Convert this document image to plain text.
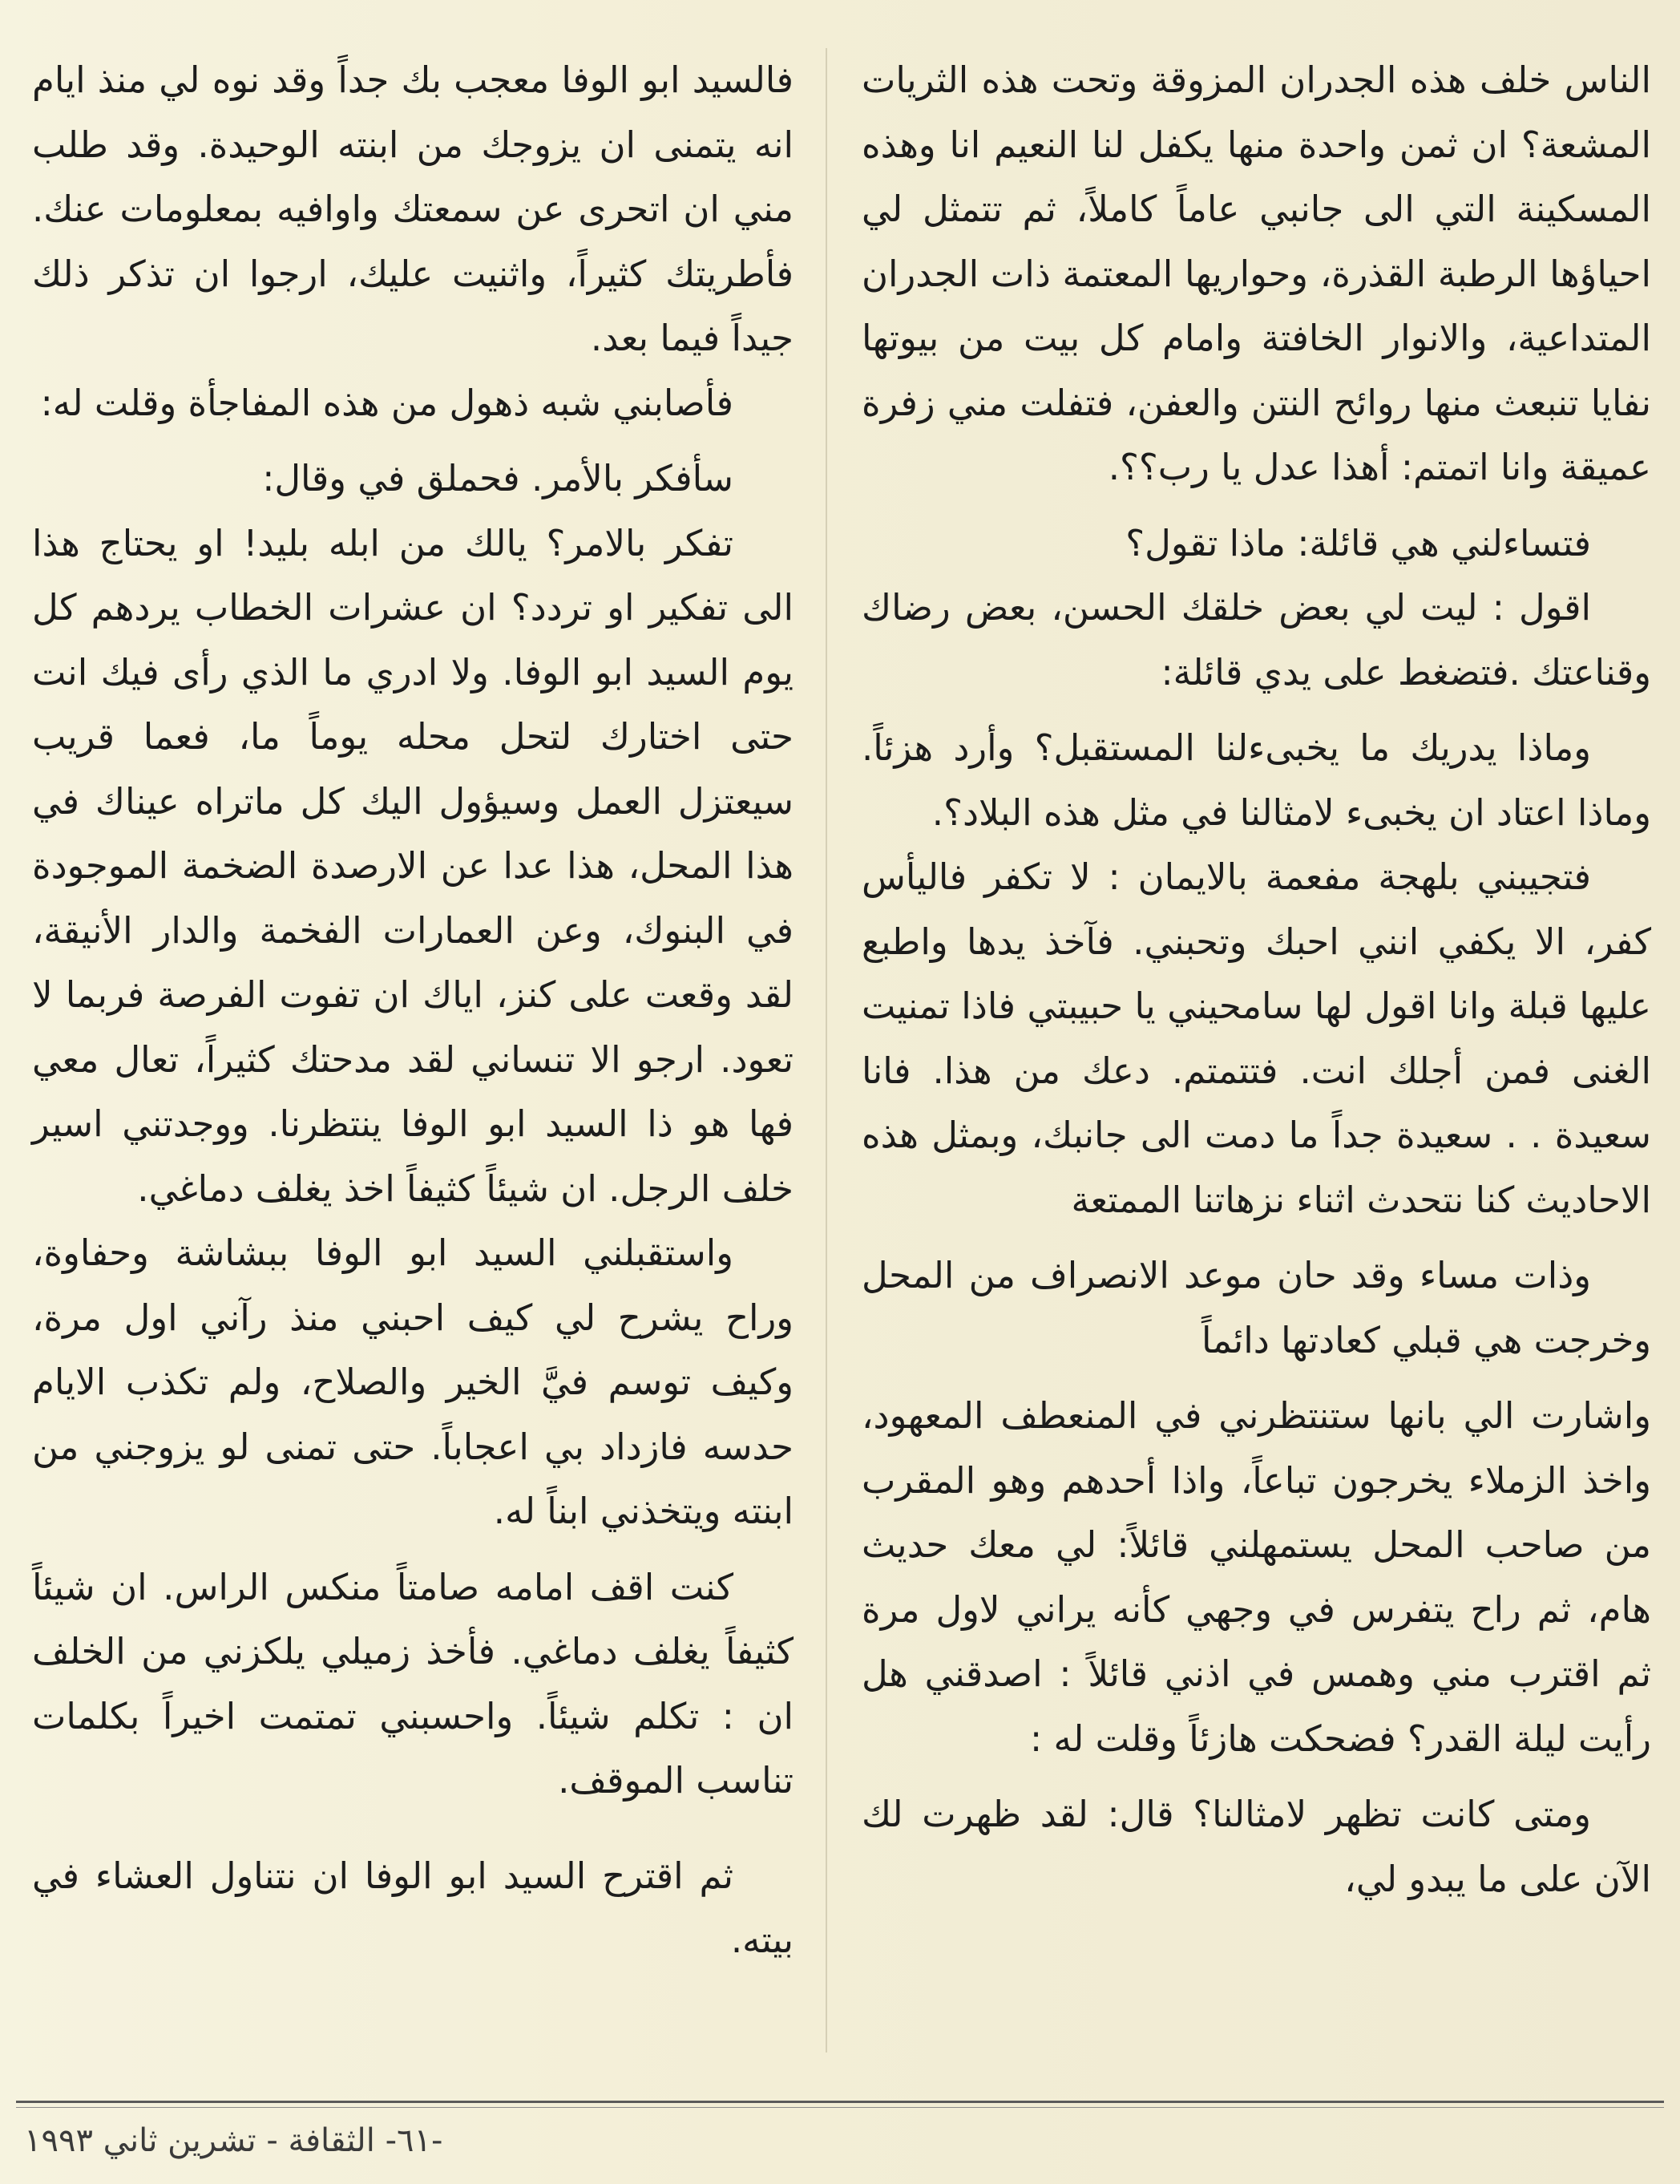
الناس خلف هذه الجدران المزوقة وتحت هذه الثريات المشعة؟ ان ثمن واحدة منها يكفل لنا النعيم انا وهذه المسكينة التي الى جانبي عاماً كاملاً، ثم تتمثل لي احياؤها الرطبة القذرة، وحواريها المعتمة ذات الجدران المتداعية، والانوار الخافتة وامام كل بيت من بيوتها نفايا تنبعث منها روائح النتن والعفن، فتفلت مني زفرة عميقة وانا اتمتم: أهذا عدل يا رب؟؟.

فتساءلني هي قائلة: ماذا تقول؟

اقول : ليت لي بعض خلقك الحسن، بعض رضاك وقناعتك .فتضغط على يدي قائلة:

وماذا يدريك ما يخبىءلنا المستقبل؟ وأرد هزئاً. وماذا اعتاد ان يخبىء لامثالنا في مثل هذه البلاد؟.

فتجيبني بلهجة مفعمة بالايمان : لا تكفر فاليأس كفر، الا يكفي انني احبك وتحبني. فآخذ يدها واطبع عليها قبلة وانا اقول لها سامحيني يا حبيبتي فاذا تمنيت الغنى فمن أجلك انت. فتتمتم. دعك من هذا. فانا سعيدة . . سعيدة جداً ما دمت الى جانبك، وبمثل هذه الاحاديث كنا نتحدث اثناء نزهاتنا الممتعة

وذات مساء وقد حان موعد الانصراف من المحل وخرجت هي قبلي كعادتها دائماً

واشارت الي بانها ستنتظرني في المنعطف المعهود، واخذ الزملاء يخرجون تباعاً، واذا أحدهم وهو المقرب من صاحب المحل يستمهلني قائلاً: لي معك حديث هام، ثم راح يتفرس في وجهي كأنه يراني لاول مرة ثم اقترب مني وهمس في اذني قائلاً : اصدقني هل رأيت ليلة القدر؟ فضحكت هازئاً وقلت له :

ومتى كانت تظهر لامثالنا؟ قال: لقد ظهرت لك الآن على ما يبدو لي،

فالسيد ابو الوفا معجب بك جداً وقد نوه لي منذ ايام انه يتمنى ان يزوجك من ابنته الوحيدة. وقد طلب مني ان اتحرى عن سمعتك واوافيه بمعلومات عنك. فأطريتك كثيراً، واثنيت عليك، ارجوا ان تذكر ذلك جيداً فيما بعد.

فأصابني شبه ذهول من هذه المفاجأة وقلت له:

سأفكر بالأمر. فحملق في وقال:

تفكر بالامر؟ يالك من ابله بليد! او يحتاج هذا الى تفكير او تردد؟ ان عشرات الخطاب يردهم كل يوم السيد ابو الوفا. ولا ادري ما الذي رأى فيك انت حتى اختارك لتحل محله يوماً ما، فعما قريب سيعتزل العمل وسيؤول اليك كل ماتراه عيناك في هذا المحل، هذا عدا عن الارصدة الضخمة الموجودة في البنوك، وعن العمارات الفخمة والدار الأنيقة، لقد وقعت على كنز، اياك ان تفوت الفرصة فربما لا تعود. ارجو الا تنساني لقد مدحتك كثيراً، تعال معي فها هو ذا السيد ابو الوفا ينتظرنا. ووجدتني اسير خلف الرجل. ان شيئاً كثيفاً اخذ يغلف دماغي.

واستقبلني السيد ابو الوفا ببشاشة وحفاوة، وراح يشرح لي كيف احبني منذ رآني اول مرة، وكيف توسم فيَّ الخير والصلاح، ولم تكذب الايام حدسه فازداد بي اعجاباً. حتى تمنى لو يزوجني من ابنته ويتخذني ابناً له.

كنت اقف امامه صامتاً منكس الراس. ان شيئاً كثيفاً يغلف دماغي. فأخذ زميلي يلكزني من الخلف ان : تكلم شيئاً. واحسبني تمتمت اخيراً بكلمات تناسب الموقف.

ثم اقترح السيد ابو الوفا ان نتناول العشاء في بيته.

-٦١- الثقافة - تشرين ثاني ١٩٩٣
